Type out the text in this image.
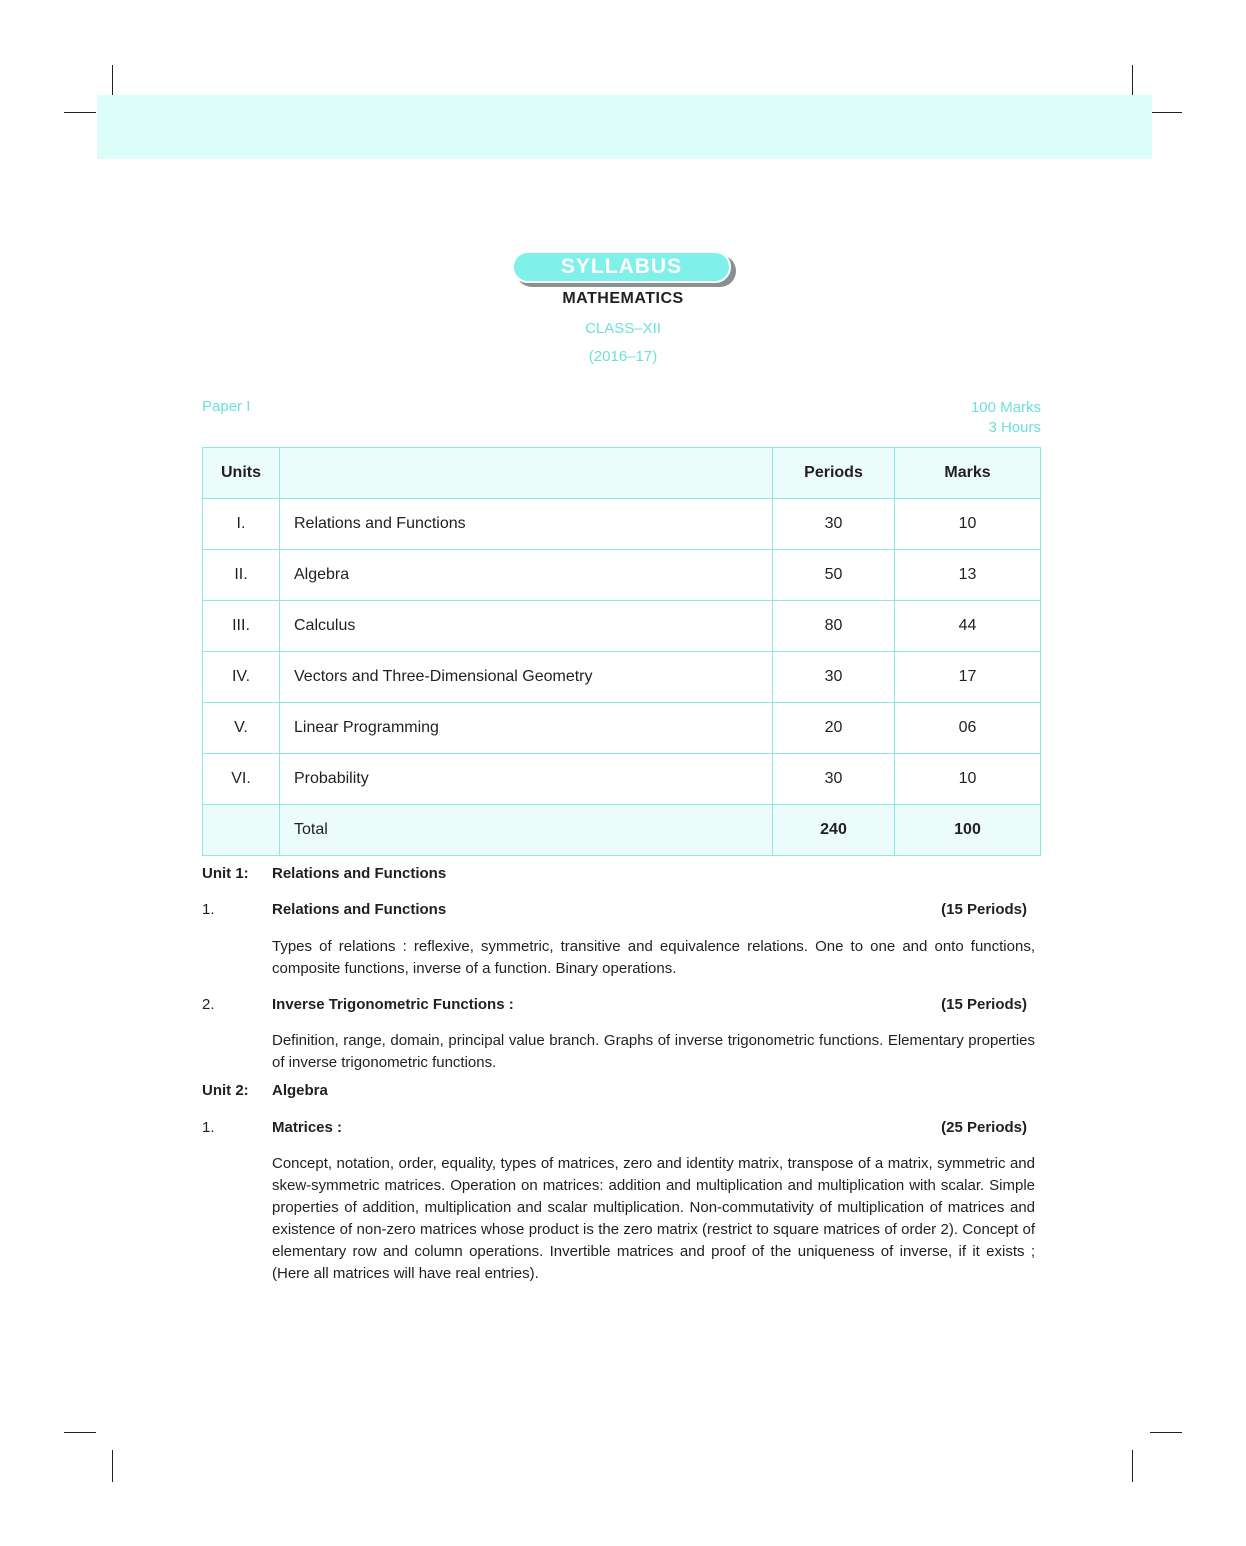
SYLLABUS
MATHEMATICS
CLASS–XII
(2016–17)
Paper I	100 Marks
3 Hours
Units		Periods	Marks
I.	Relations and Functions	30	10
II.	Algebra	50	13
III.	Calculus	80	44
IV.	Vectors and Three-Dimensional Geometry	30	17
V.	Linear Programming	20	06
VI.	Probability	30	10
	Total	240	100
Unit 1: Relations and Functions
1.	Relations and Functions	(15 Periods)
Types of relations : reflexive, symmetric, transitive and equivalence relations. One to one and onto functions, composite functions, inverse of a function. Binary operations.
2.	Inverse Trigonometric Functions :	(15 Periods)
Definition, range, domain, principal value branch. Graphs of inverse trigonometric functions. Elementary properties of inverse trigonometric functions.
Unit 2: Algebra
1.	Matrices :	(25 Periods)
Concept, notation, order, equality, types of matrices, zero and identity matrix, transpose of a matrix, symmetric and skew-symmetric matrices. Operation on matrices: addition and multiplication and multiplication with scalar. Simple properties of addition, multiplication and scalar multiplication. Non-commutativity of multiplication of matrices and existence of non-zero matrices whose product is the zero matrix (restrict to square matrices of order 2). Concept of elementary row and column operations. Invertible matrices and proof of the uniqueness of inverse, if it exists ; (Here all matrices will have real entries).
